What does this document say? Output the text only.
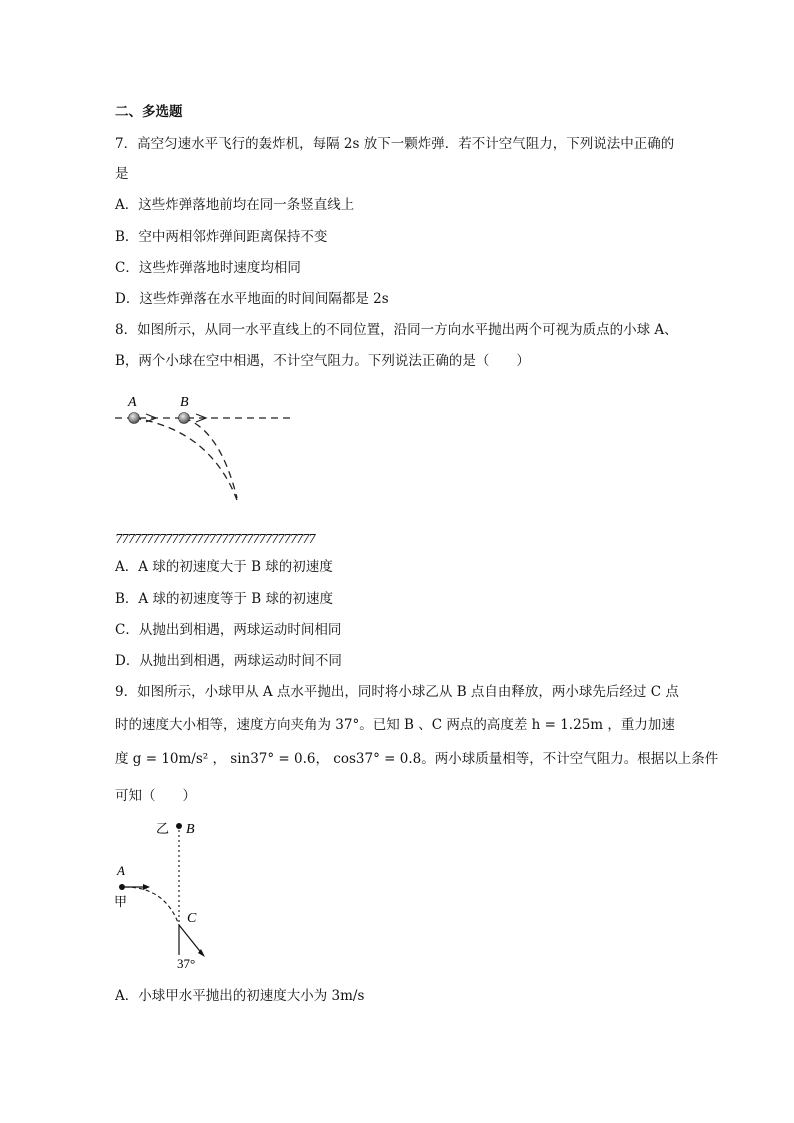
二、多选题
7．高空匀速水平飞行的轰炸机，每隔 2s 放下一颗炸弹．若不计空气阻力，下列说法中正确的
是
A．这些炸弹落地前均在同一条竖直线上
B．空中两相邻炸弹间距离保持不变
C．这些炸弹落地时速度均相同
D．这些炸弹落在水平地面的时间间隔都是 2s
8．如图所示，从同一水平直线上的不同位置，沿同一方向水平抛出两个可视为质点的小球 A、
B，两个小球在空中相遇，不计空气阻力。下列说法正确的是（　　）
A	B
77777777777777777777777777777777
A．A 球的初速度大于 B 球的初速度
B．A 球的初速度等于 B 球的初速度
C．从抛出到相遇，两球运动时间相同
D．从抛出到相遇，两球运动时间不同
9．如图所示，小球甲从 A 点水平抛出，同时将小球乙从 B 点自由释放，两小球先后经过 C 点
时的速度大小相等，速度方向夹角为 37°。已知 B 、C 两点的高度差 h = 1.25m ，重力加速
度 g = 10m/s² ， sin37° = 0.6， cos37° = 0.8。两小球质量相等，不计空气阻力。根据以上条件
可知（　　）
乙 B
A
甲
C
37°
A．小球甲水平抛出的初速度大小为 3m/s
